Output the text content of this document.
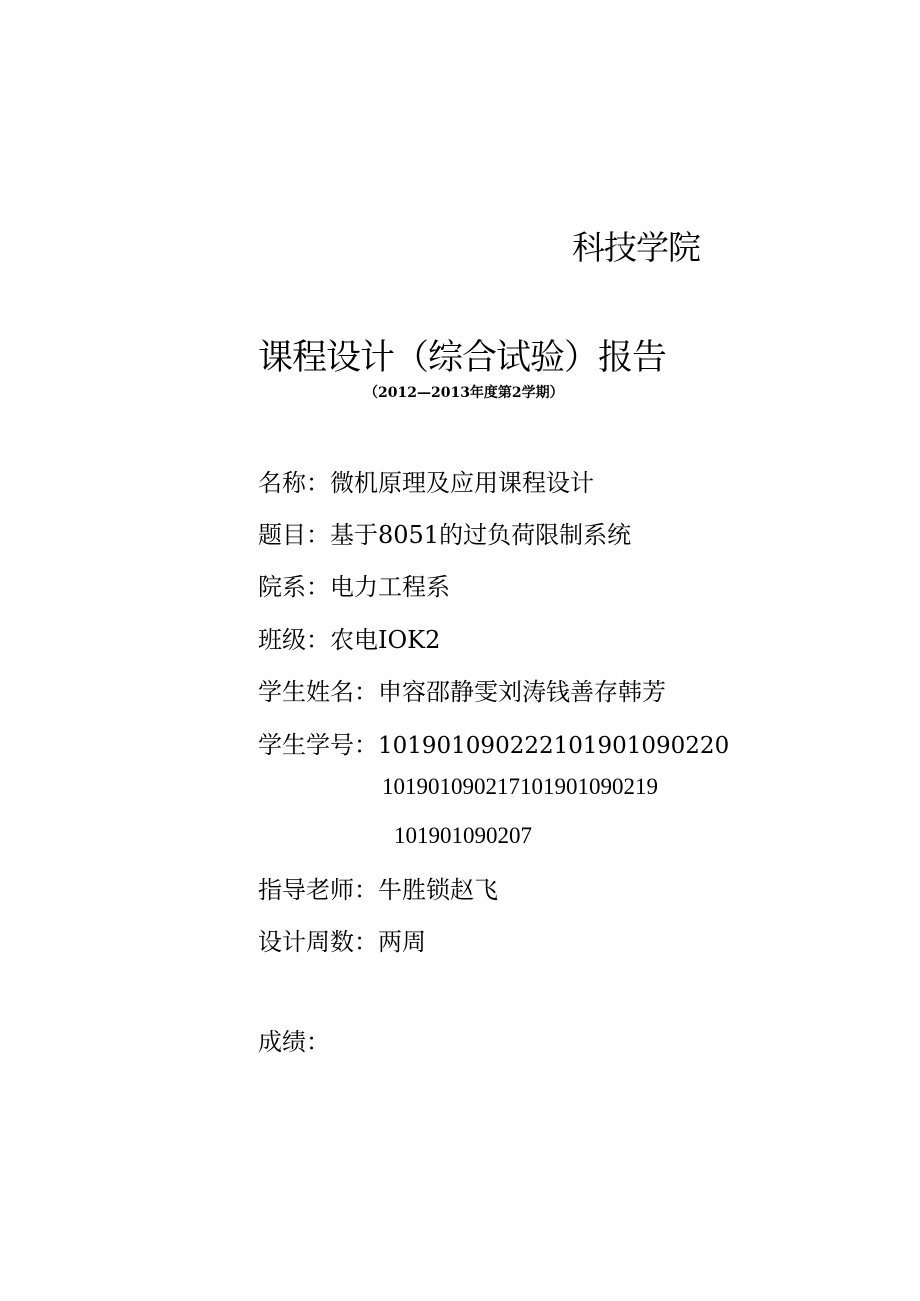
科技学院
课程设计（综合试验）报告
（2012—2013年度第2学期）
名称：微机原理及应用课程设计
题目：基于8051的过负荷限制系统
院系：电力工程系
班级：农电IOK2
学生姓名：申容邵静雯刘涛钱善存韩芳
学生学号：101901090222101901090220
101901090217101901090219
101901090207
指导老师：牛胜锁赵飞
设计周数：两周
成绩：
